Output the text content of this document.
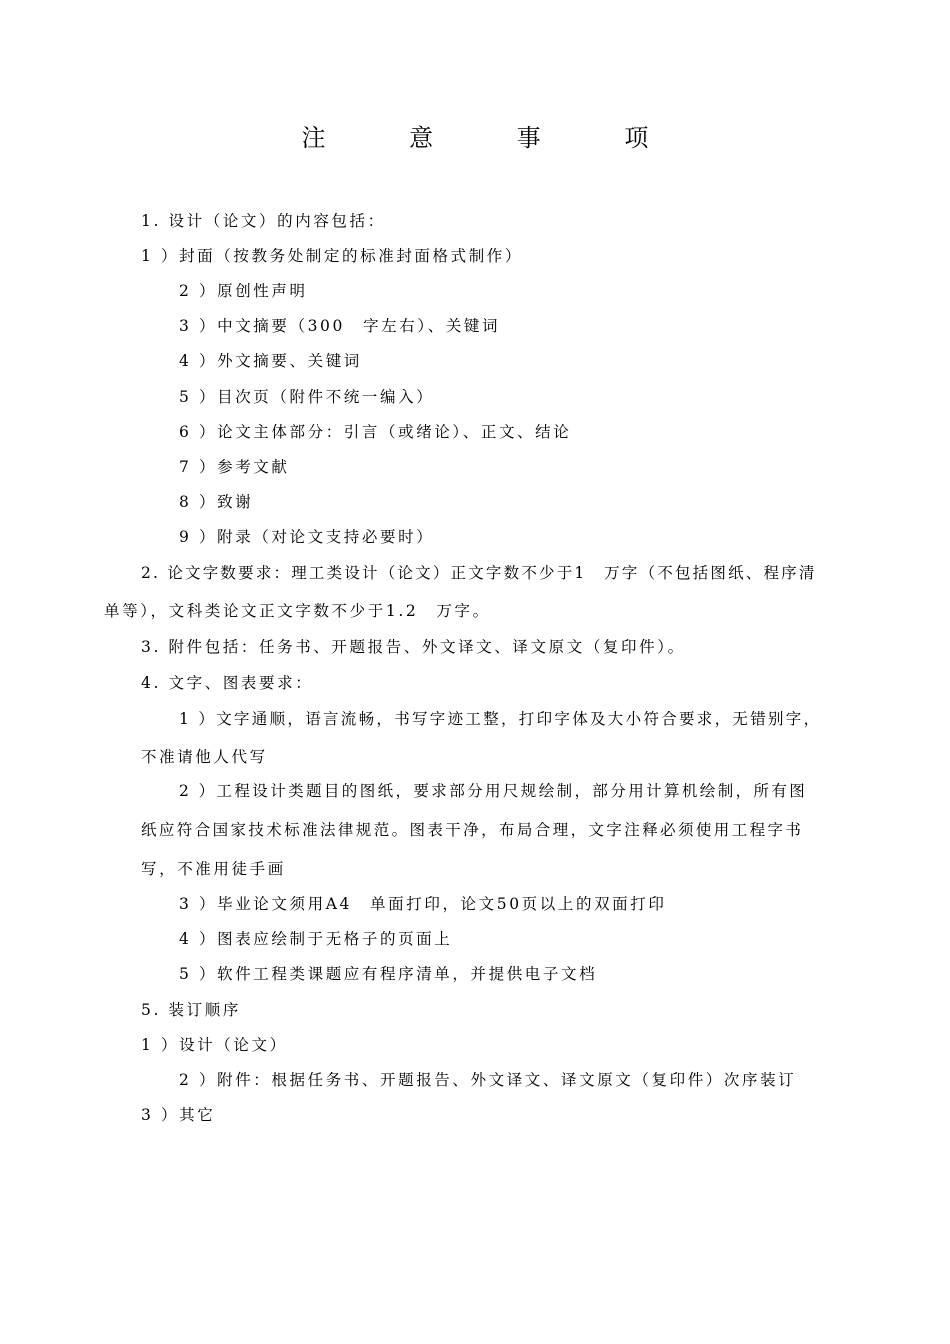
注 意 事 项
1. 设计（论文）的内容包括：
1 ）封面（按教务处制定的标准封面格式制作）
2 ）原创性声明
3 ）中文摘要（300　字左右）、关键词
4 ）外文摘要、关键词
5 ）目次页（附件不统一编入）
6 ）论文主体部分：引言（或绪论）、正文、结论
7 ）参考文献
8 ）致谢
9 ）附录（对论文支持必要时）
2. 论文字数要求：理工类设计（论文）正文字数不少于1　万字（不包括图纸、程序清
单等），文科类论文正文字数不少于1.2　万字。
3. 附件包括：任务书、开题报告、外文译文、译文原文（复印件）。
4. 文字、图表要求：
1 ）文字通顺，语言流畅，书写字迹工整，打印字体及大小符合要求，无错别字，
不准请他人代写
2 ）工程设计类题目的图纸，要求部分用尺规绘制，部分用计算机绘制，所有图
纸应符合国家技术标准法律规范。图表干净，布局合理，文字注释必须使用工程字书
写，不准用徒手画
3 ）毕业论文须用A4　单面打印，论文50页以上的双面打印
4 ）图表应绘制于无格子的页面上
5 ）软件工程类课题应有程序清单，并提供电子文档
5. 装订顺序
1 ）设计（论文）
2 ）附件：根据任务书、开题报告、外文译文、译文原文（复印件）次序装订
3 ）其它
